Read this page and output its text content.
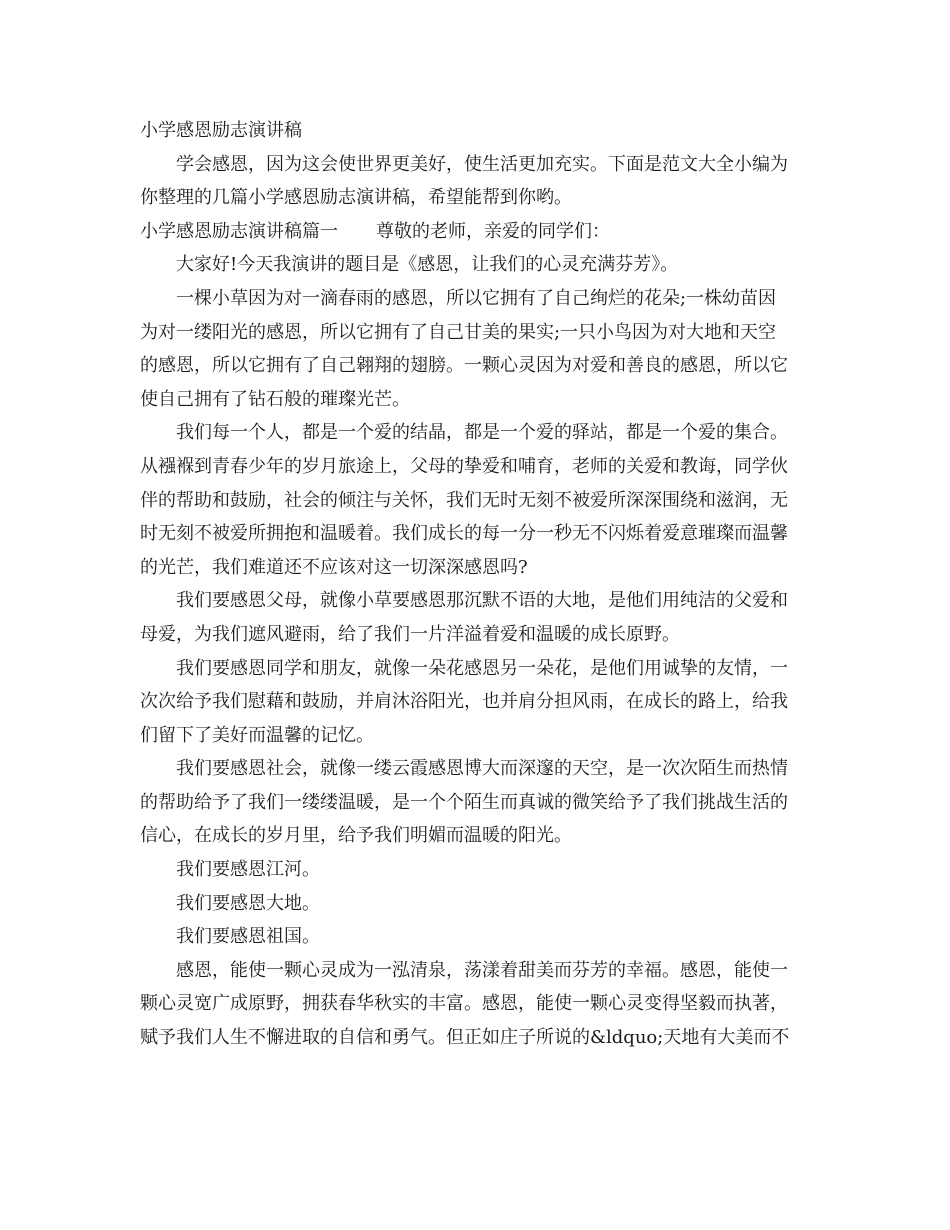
小学感恩励志演讲稿

学会感恩，因为这会使世界更美好，使生活更加充实。下面是范文大全小编为

你整理的几篇小学感恩励志演讲稿，希望能帮到你哟。

小学感恩励志演讲稿篇一 尊敬的老师，亲爱的同学们：

大家好!今天我演讲的题目是《感恩，让我们的心灵充满芬芳》。

一棵小草因为对一滴春雨的感恩，所以它拥有了自己绚烂的花朵;一株幼苗因

为对一缕阳光的感恩，所以它拥有了自己甘美的果实;一只小鸟因为对大地和天空

的感恩，所以它拥有了自己翱翔的翅膀。一颗心灵因为对爱和善良的感恩，所以它

使自己拥有了钻石般的璀璨光芒。

我们每一个人，都是一个爱的结晶，都是一个爱的驿站，都是一个爱的集合。

从襁褓到青春少年的岁月旅途上，父母的挚爱和哺育，老师的关爱和教诲，同学伙

伴的帮助和鼓励，社会的倾注与关怀，我们无时无刻不被爱所深深围绕和滋润，无

时无刻不被爱所拥抱和温暖着。我们成长的每一分一秒无不闪烁着爱意璀璨而温馨

的光芒，我们难道还不应该对这一切深深感恩吗?

我们要感恩父母，就像小草要感恩那沉默不语的大地，是他们用纯洁的父爱和

母爱，为我们遮风避雨，给了我们一片洋溢着爱和温暖的成长原野。

我们要感恩同学和朋友，就像一朵花感恩另一朵花，是他们用诚挚的友情，一

次次给予我们慰藉和鼓励，并肩沐浴阳光，也并肩分担风雨，在成长的路上，给我

们留下了美好而温馨的记忆。

我们要感恩社会，就像一缕云霞感恩博大而深邃的天空，是一次次陌生而热情

的帮助给予了我们一缕缕温暖，是一个个陌生而真诚的微笑给予了我们挑战生活的

信心，在成长的岁月里，给予我们明媚而温暖的阳光。

我们要感恩江河。

我们要感恩大地。

我们要感恩祖国。

感恩，能使一颗心灵成为一泓清泉，荡漾着甜美而芬芳的幸福。感恩，能使一

颗心灵宽广成原野，拥获春华秋实的丰富。感恩，能使一颗心灵变得坚毅而执著，

赋予我们人生不懈进取的自信和勇气。但正如庄子所说的&ldquo;天地有大美而不
